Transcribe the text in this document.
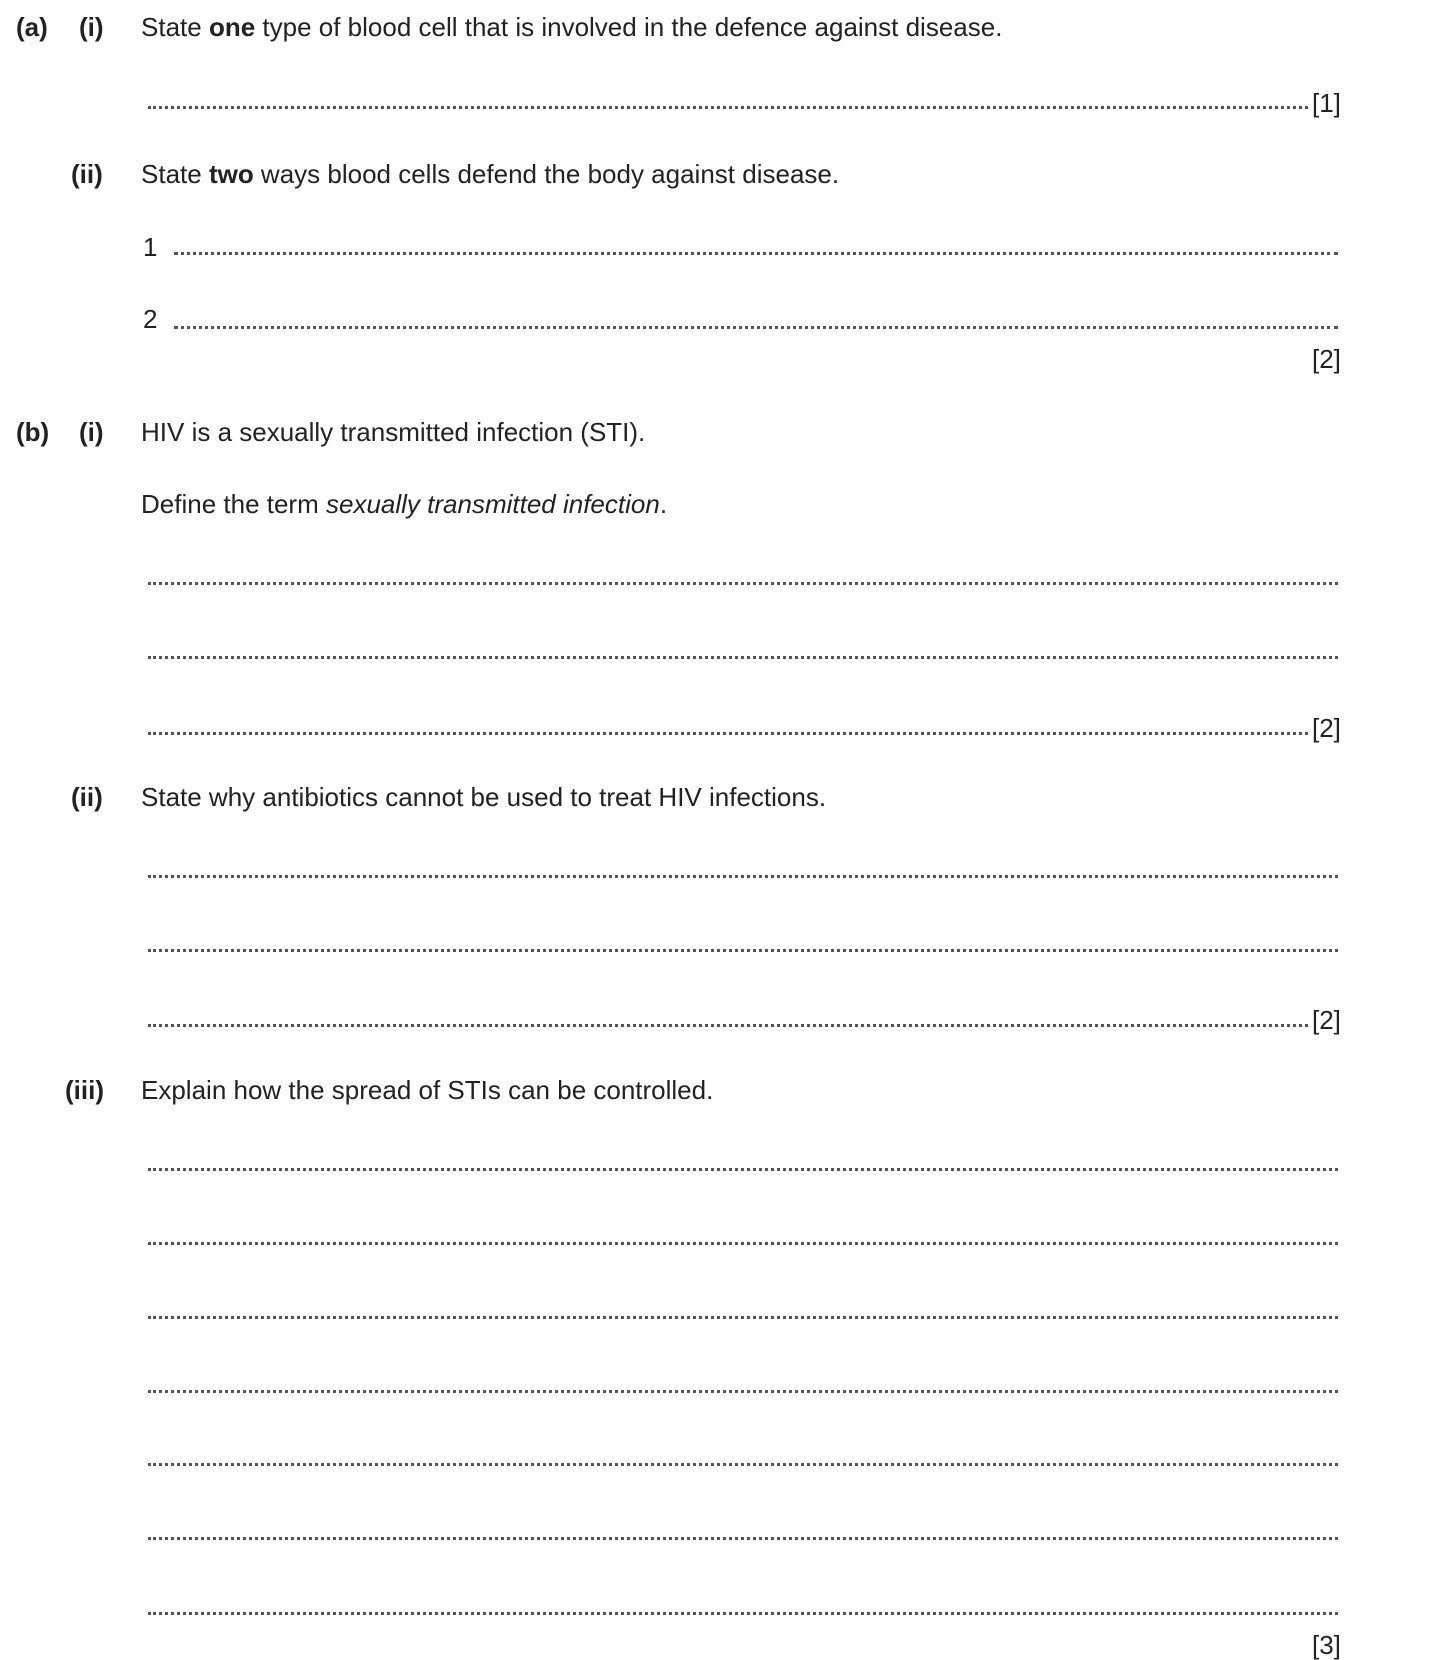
(a) (i) State one type of blood cell that is involved in the defence against disease.
[1]
(ii) State two ways blood cells defend the body against disease.
1
2
[2]
(b) (i) HIV is a sexually transmitted infection (STI).
Define the term sexually transmitted infection.
[2]
(ii) State why antibiotics cannot be used to treat HIV infections.
[2]
(iii) Explain how the spread of STIs can be controlled.
[3]
